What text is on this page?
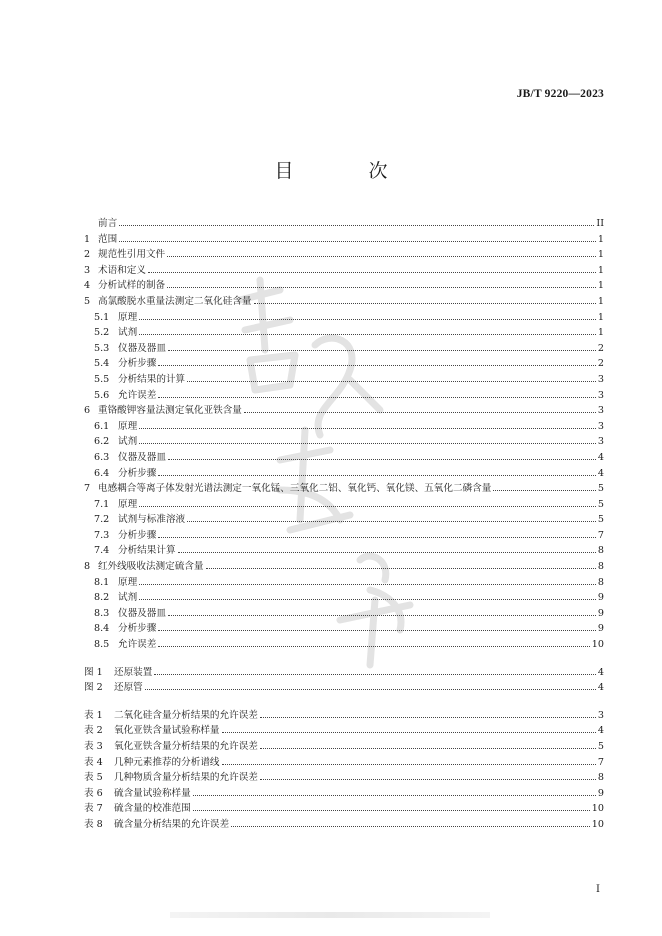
JB/T 9220—2023
目　次
前言	II
1 范围	1
2 规范性引用文件	1
3 术语和定义	1
4 分析试样的制备	1
5 高氯酸脱水重量法测定二氧化硅含量	1
5.1 原理	1
5.2 试剂	1
5.3 仪器及器皿	2
5.4 分析步骤	2
5.5 分析结果的计算	3
5.6 允许误差	3
6 重铬酸钾容量法测定氧化亚铁含量	3
6.1 原理	3
6.2 试剂	3
6.3 仪器及器皿	4
6.4 分析步骤	4
7 电感耦合等离子体发射光谱法测定一氧化锰、三氧化二铝、氧化钙、氧化镁、五氧化二磷含量	5
7.1 原理	5
7.2 试剂与标准溶液	5
7.3 分析步骤	7
7.4 分析结果计算	8
8 红外线吸收法测定硫含量	8
8.1 原理	8
8.2 试剂	9
8.3 仪器及器皿	9
8.4 分析步骤	9
8.5 允许误差	10
图 1	还原装置	4
图 2	还原管	4
表 1	二氧化硅含量分析结果的允许误差	3
表 2	氧化亚铁含量试验称样量	4
表 3	氧化亚铁含量分析结果的允许误差	5
表 4	几种元素推荐的分析谱线	7
表 5	几种物质含量分析结果的允许误差	8
表 6	硫含量试验称样量	9
表 7	硫含量的校准范围	10
表 8	硫含量分析结果的允许误差	10
I
